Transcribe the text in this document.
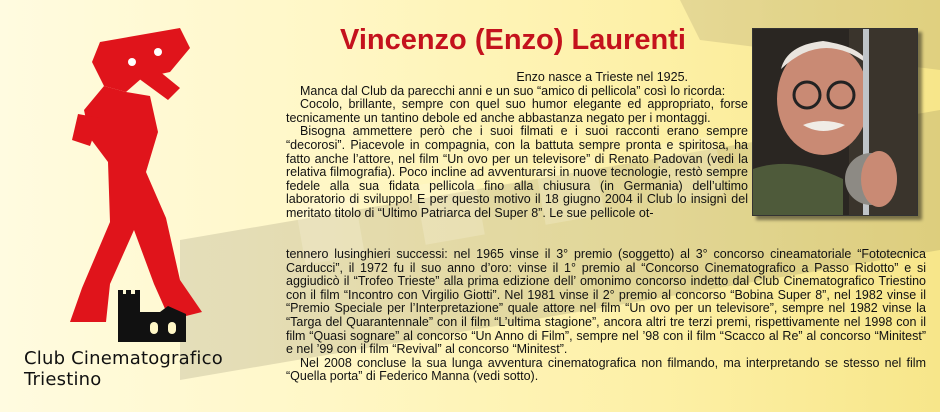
Club Cinematografico Triestino
Vincenzo (Enzo) Laurenti

Enzo nasce a Trieste nel 1925.

Manca dal Club da parecchi anni e un suo “amico di pellicola” così lo ricorda:

Cocolo, brillante, sempre con quel suo humor elegante ed appropriato, forse tecnicamente un tantino debole ed anche abbastanza negato per i montaggi.

Bisogna ammettere però che i suoi filmati e i suoi racconti erano sempre “decorosi”. Piacevole in compagnia, con la battuta sempre pronta e spiritosa, ha fatto anche l’attore, nel film “Un ovo per un televisore” di Renato Padovan (vedi la relativa filmografia). Poco incline ad avventurarsi in nuove tecnologie, restò sempre fedele alla sua fidata pellicola fino alla chiusura (in Germania) dell’ultimo laboratorio di sviluppo! E per questo motivo il 18 giugno 2004 il Club lo insignì del meritato titolo di “Ultimo Patriarca del Super 8”. Le sue pellicole ot-

tennero lusinghieri successi: nel 1965 vinse il 3° premio (soggetto) al 3° concorso cineamatoriale “Fototecnica Carducci”, il 1972 fu il suo anno d’oro: vinse il 1° premio al “Concorso Cinematografico a Passo Ridotto” e si aggiudicò il “Trofeo Trieste” alla prima edizione dell’ omonimo concorso indetto dal Club Cinematografico Triestino con il film “Incontro con Virgilio Giotti”. Nel 1981 vinse il 2° premio al concorso “Bobina Super 8”, nel 1982 vinse il “Premio Speciale per l’Interpretazione” quale attore nel film “Un ovo per un televisore”, sempre nel 1982 vinse la “Targa del Quarantennale” con il film “L’ultima stagione”, ancora altri tre terzi premi, rispettivamente nel 1998 con il film “Quasi sognare” al concorso “Un Anno di Film”, sempre nel ’98 con il film “Scacco al Re” al concorso “Minitest” e nel ’99 con il film “Revival” al concorso “Minitest”.

Nel 2008 concluse la sua lunga avventura cinematografica non filmando, ma interpretando se stesso nel film “Quella porta” di Federico Manna (vedi sotto).
